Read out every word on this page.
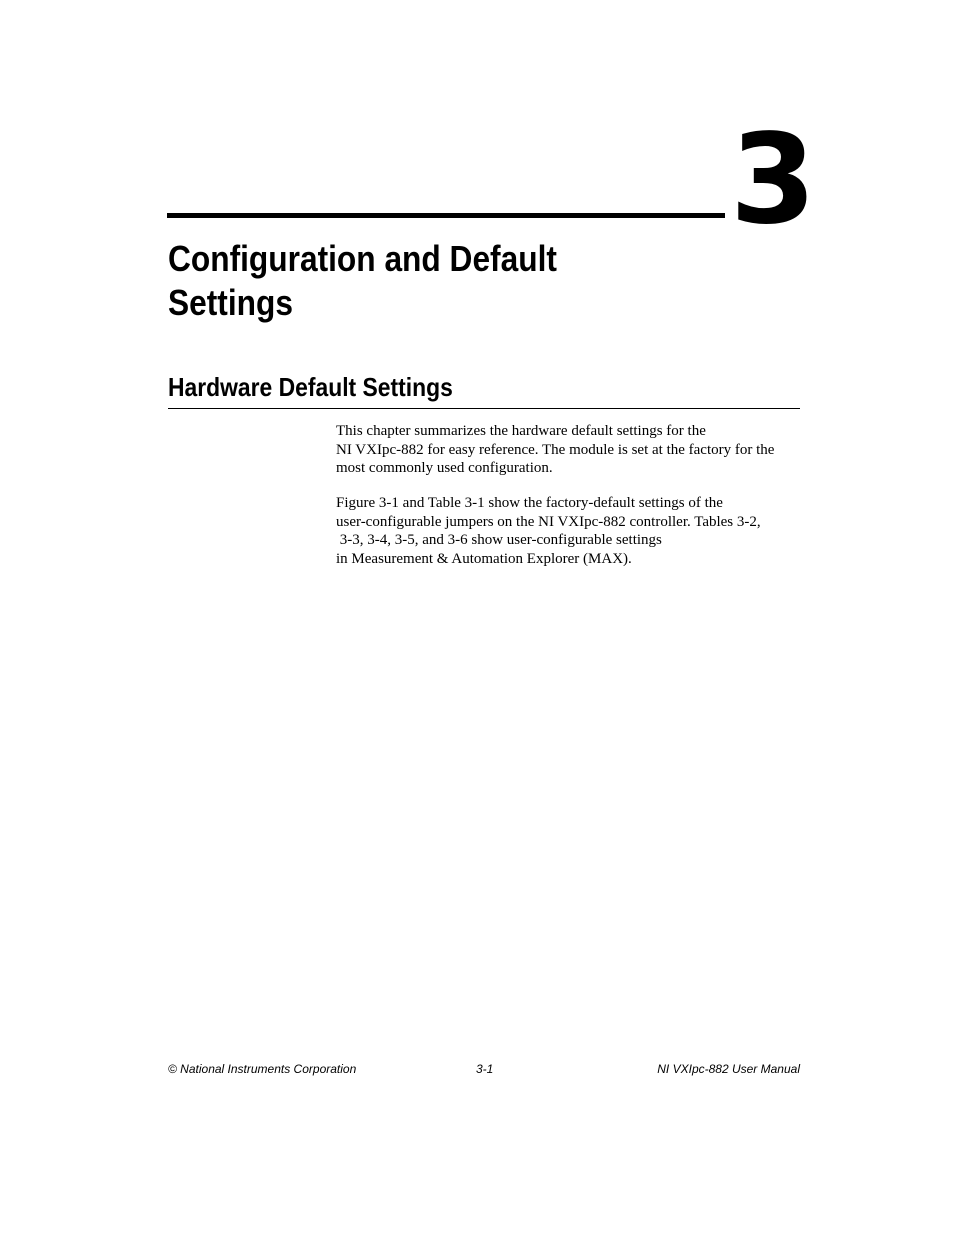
3
Configuration and Default Settings
Hardware Default Settings

This chapter summarizes the hardware default settings for the
NI VXIpc-882 for easy reference. The module is set at the factory for the
most commonly used configuration.

Figure 3-1 and Table 3-1 show the factory-default settings of the
user-configurable jumpers on the NI VXIpc-882 controller. Tables 3-2,
3-3, 3-4, 3-5, and 3-6 show user-configurable settings
in Measurement & Automation Explorer (MAX).

© National Instruments Corporation	3-1	NI VXIpc-882 User Manual
